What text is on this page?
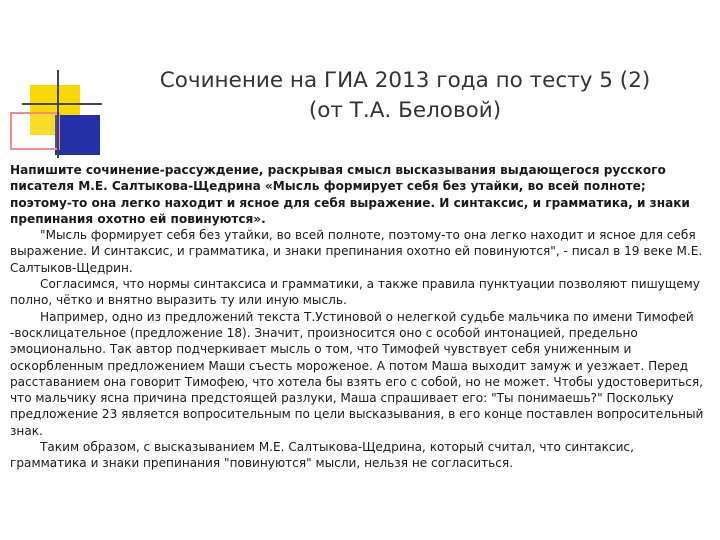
Сочинение на ГИА 2013 года по тесту 5 (2)
(от Т.А. Беловой)

Напишите сочинение-рассуждение, раскрывая смысл высказывания выдающегося русского писателя М.Е. Салтыкова-Щедрина «Мысль формирует себя без утайки, во всей полноте; поэтому-то она легко находит и ясное для себя выражение. И синтаксис, и грамматика, и знаки препинания охотно ей повинуются».

"Мысль формирует себя без утайки, во всей полноте, поэтому-то она легко находит и ясное для себя выражение. И синтаксис, и грамматика, и знаки препинания охотно ей повинуются", - писал в 19 веке М.Е. Салтыков-Щедрин.

Согласимся, что нормы синтаксиса и грамматики, а также правила пунктуации позволяют пишущему полно, чётко и внятно выразить ту или иную мысль.

Например, одно из предложений текста Т.Устиновой о нелегкой судьбе мальчика по имени Тимофей -восклицательное (предложение 18). Значит, произносится оно с особой интонацией, предельно эмоционально. Так автор подчеркивает мысль о том, что Тимофей чувствует себя униженным и оскорбленным предложением Маши съесть мороженое. А потом Маша выходит замуж и уезжает. Перед расставанием она говорит Тимофею, что хотела бы взять его с собой, но не может. Чтобы удостовериться, что мальчику ясна причина предстоящей разлуки, Маша спрашивает его: "Ты понимаешь?" Поскольку предложение 23 является вопросительным по цели высказывания, в его конце поставлен вопросительный знак.

Таким образом, с высказыванием М.Е. Салтыкова-Щедрина, который считал, что синтаксис, грамматика и знаки препинания "повинуются" мысли, нельзя не согласиться.
